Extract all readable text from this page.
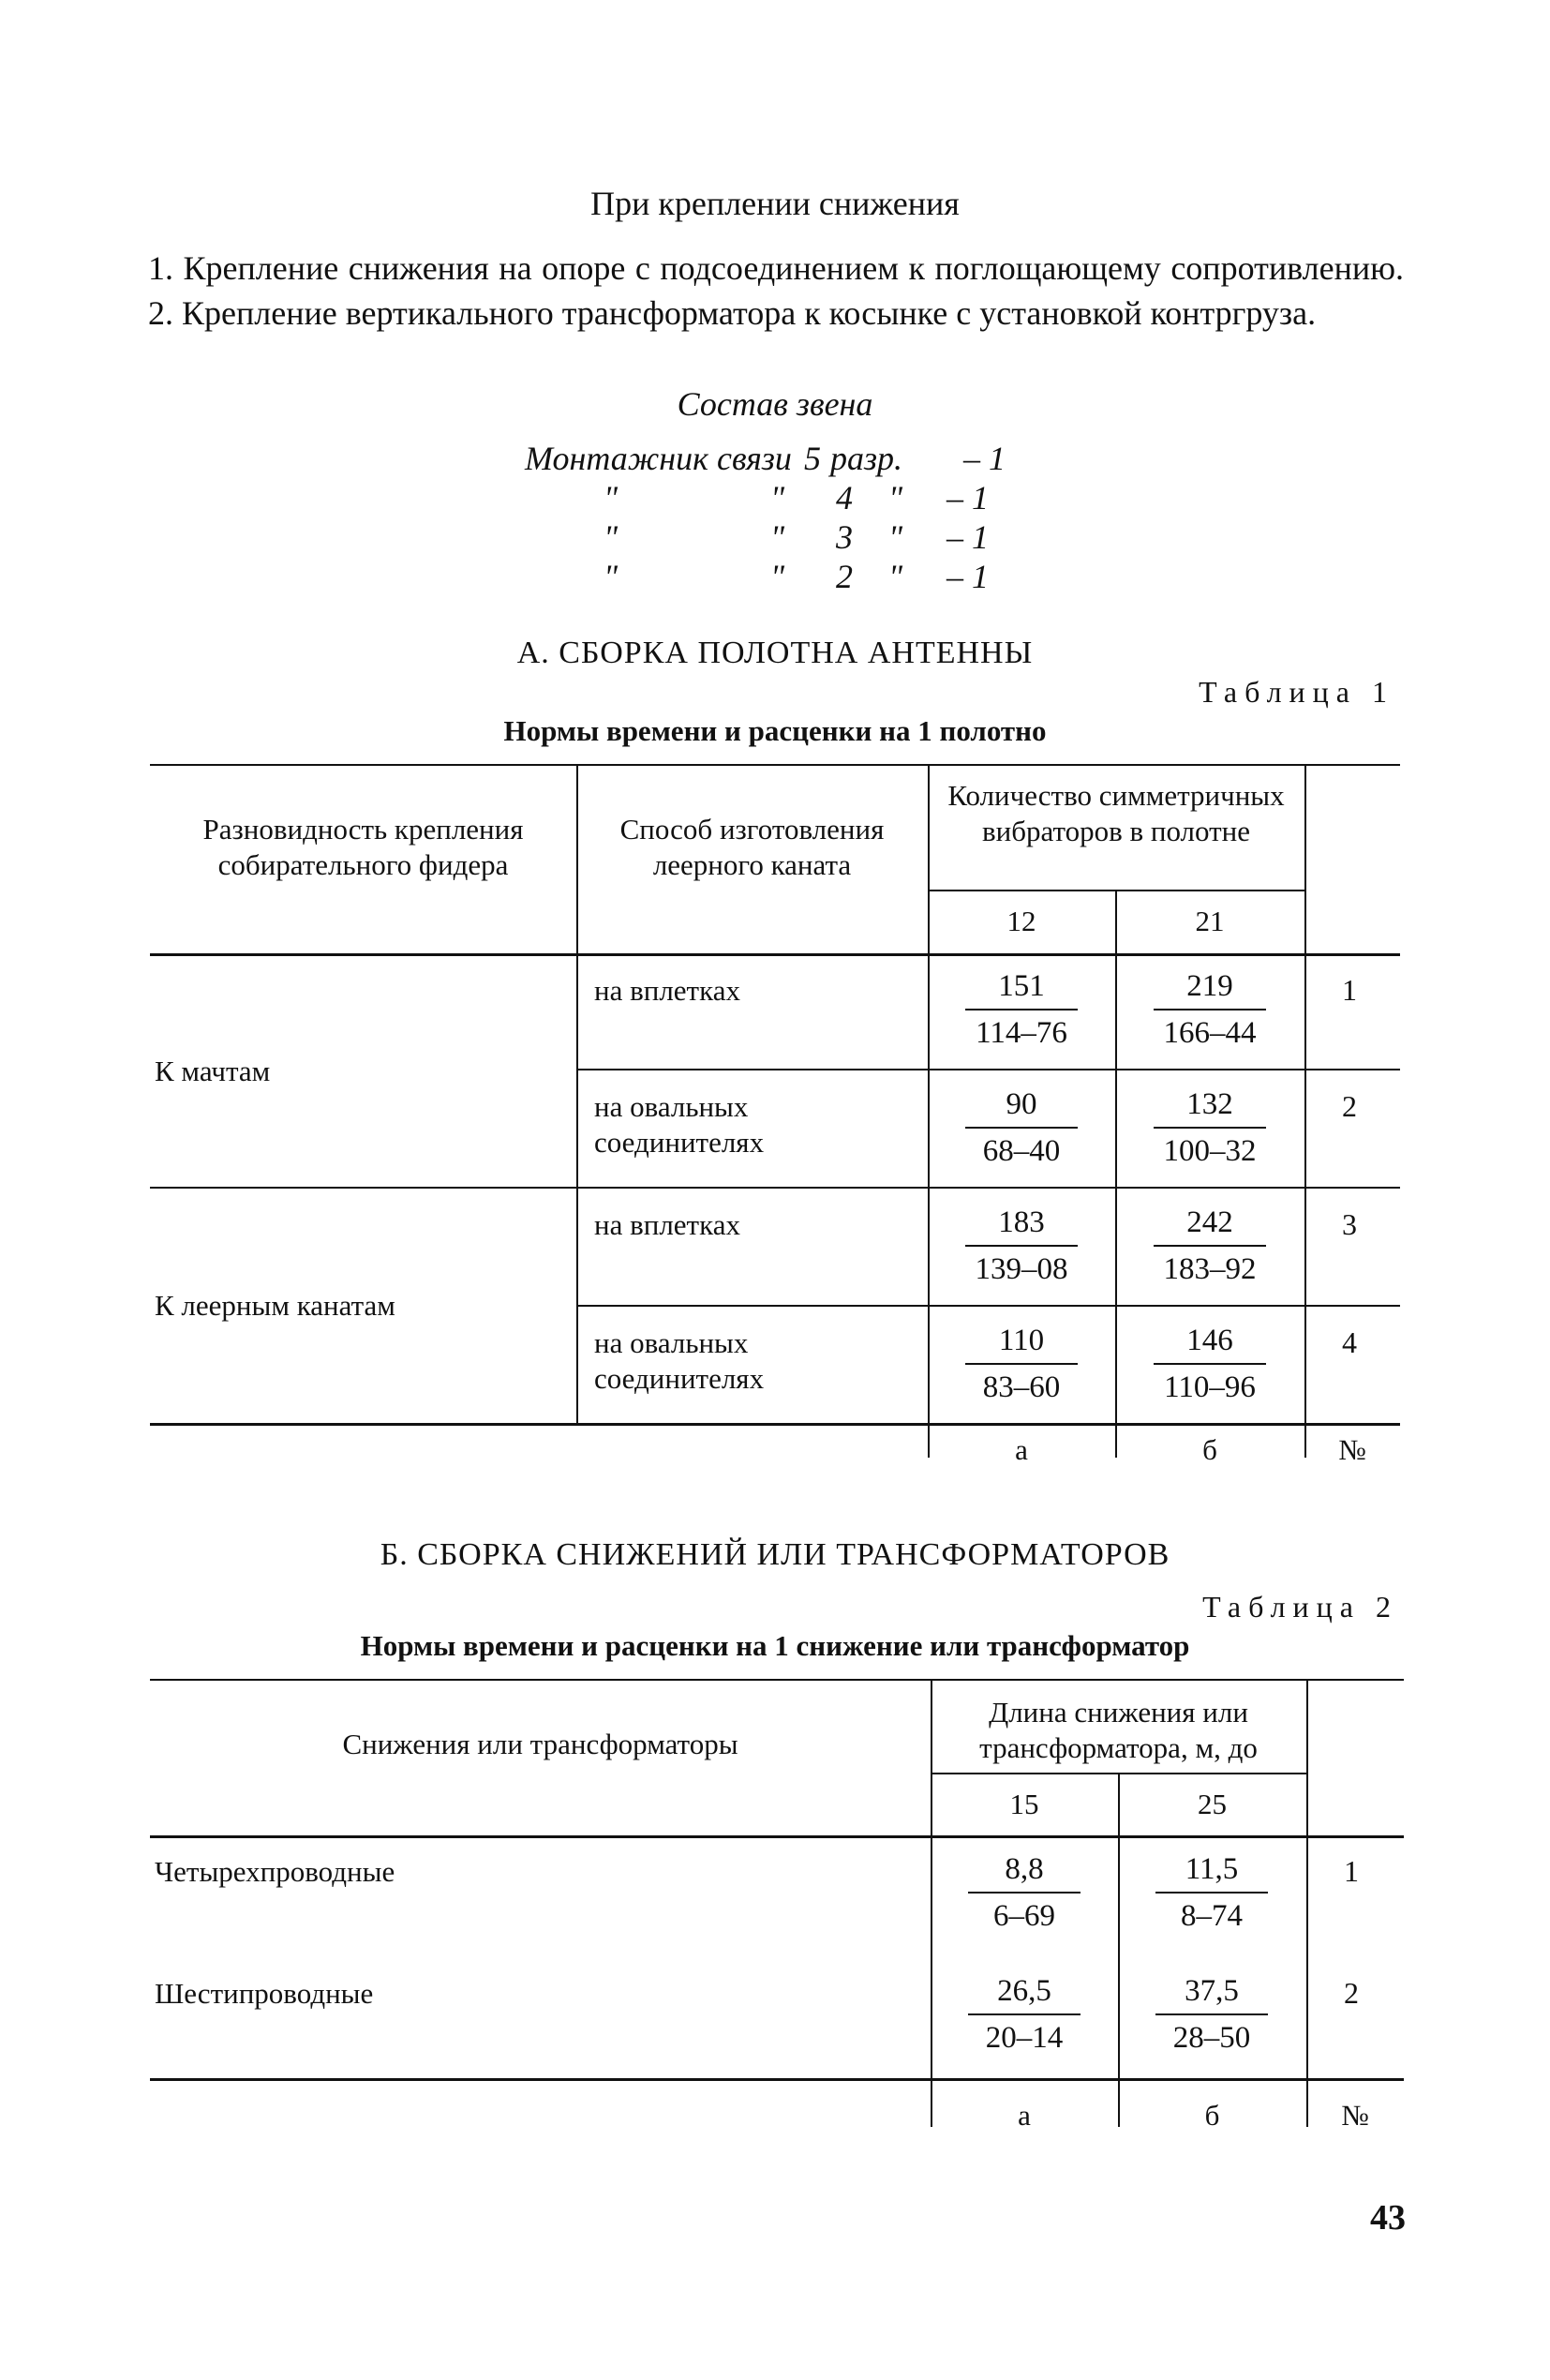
При креплении снижения

1. Крепление снижения на опоре с подсоединением к поглощающему сопротивлению. 2. Крепление вертикального трансформатора к косынке с установкой контргруза.

Состав звена
Монтажник связи 5 разр. – 1
"	" 4 " – 1
"	" 3 " – 1
"	" 2 " – 1
А. СБОРКА ПОЛОТНА АНТЕННЫ
Таблица 1
Нормы времени и расценки на 1 полотно
Разновидность крепления собирательного фидера
Способ изготовления леерного каната
Количество симметричных вибраторов в полотне
12	21
К мачтам
К леерным канатам
на вплетках	$\frac{151}{114-76} \frac{219}{166-44} 1$
на овальных соединителях	$\frac{90}{68-40} \frac{132}{100-32} 2$
на вплетках	$\frac{183}{139-08} \frac{242}{183-92} 3$
на овальных соединителях	$\frac{110}{83-60} \frac{146}{110-96} 4$
а	б	№
Б. СБОРКА СНИЖЕНИЙ ИЛИ ТРАНСФОРМАТОРОВ
Таблица 2
Нормы времени и расценки на 1 снижение или трансформатор
Снижения или трансформаторы
Длина снижения или трансформатора, м, до
15	25
Четырехпроводные	$\frac{8,8}{6-69} \frac{11,5}{8-74} 1$
Шестипроводные	$\frac{26,5}{20-14} \frac{37,5}{28-50} 2$
а	б	№
43
